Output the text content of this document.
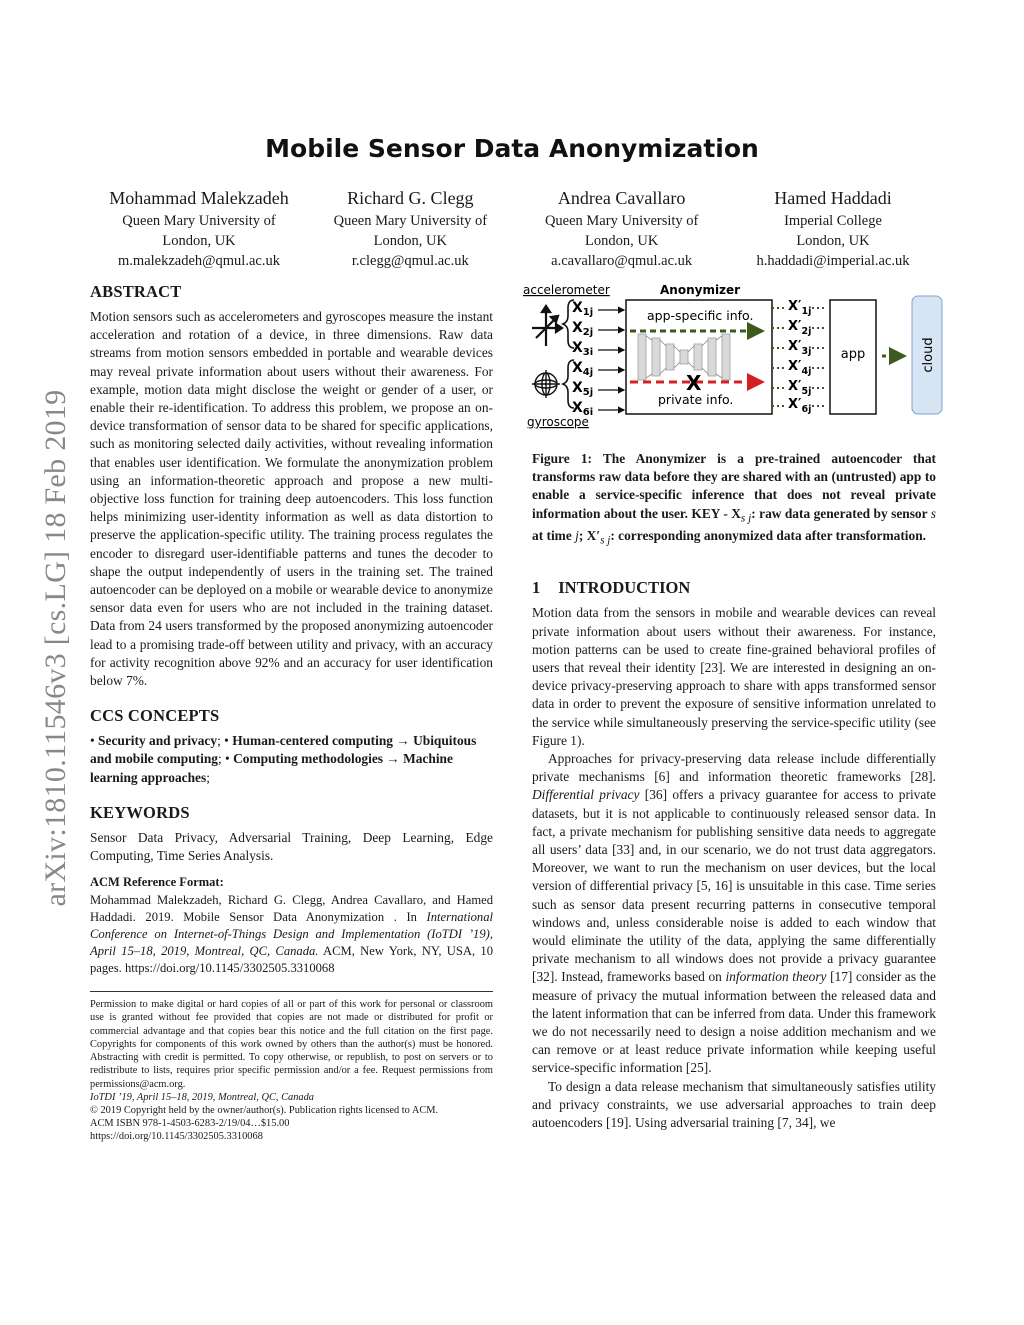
arXiv:1810.11546v3 [cs.LG] 18 Feb 2019
Mobile Sensor Data Anonymization
Mohammad Malekzadeh
Queen Mary University of
London, UK
m.malekzadeh@qmul.ac.uk
Richard G. Clegg
Queen Mary University of
London, UK
r.clegg@qmul.ac.uk
Andrea Cavallaro
Queen Mary University of
London, UK
a.cavallaro@qmul.ac.uk
Hamed Haddadi
Imperial College
London, UK
h.haddadi@imperial.ac.uk
ABSTRACT

Motion sensors such as accelerometers and gyroscopes measure the instant acceleration and rotation of a device, in three dimensions. Raw data streams from motion sensors embedded in portable and wearable devices may reveal private information about users without their awareness. For example, motion data might disclose the weight or gender of a user, or enable their re-identification. To address this problem, we propose an on-device transformation of sensor data to be shared for specific applications, such as monitoring selected daily activities, without revealing information that enables user identification. We formulate the anonymization problem using an information-theoretic approach and propose a new multi-objective loss function for training deep autoencoders. This loss function helps minimizing user-identity information as well as data distortion to preserve the application-specific utility. The training process regulates the encoder to disregard user-identifiable patterns and tunes the decoder to shape the output independently of users in the training set. The trained autoencoder can be deployed on a mobile or wearable device to anonymize sensor data even for users who are not included in the training dataset. Data from 24 users transformed by the proposed anonymizing autoencoder lead to a promising trade-off between utility and privacy, with an accuracy for activity recognition above 92% and an accuracy for user identification below 7%.

CCS CONCEPTS

• Security and privacy; • Human-centered computing → Ubiquitous and mobile computing; • Computing methodologies → Machine learning approaches;

KEYWORDS

Sensor Data Privacy, Adversarial Training, Deep Learning, Edge Computing, Time Series Analysis.

ACM Reference Format:

Mohammad Malekzadeh, Richard G. Clegg, Andrea Cavallaro, and Hamed Haddadi. 2019. Mobile Sensor Data Anonymization . In International Conference on Internet-of-Things Design and Implementation (IoTDI ’19), April 15–18, 2019, Montreal, QC, Canada. ACM, New York, NY, USA, 10 pages. https://doi.org/10.1145/3302505.3310068

Permission to make digital or hard copies of all or part of this work for personal or classroom use is granted without fee provided that copies are not made or distributed for profit or commercial advantage and that copies bear this notice and the full citation on the first page. Copyrights for components of this work owned by others than the author(s) must be honored. Abstracting with credit is permitted. To copy otherwise, or republish, to post on servers or to redistribute to lists, requires prior specific permission and/or a fee. Request permissions from permissions@acm.org.

IoTDI ’19, April 15–18, 2019, Montreal, QC, Canada

© 2019 Copyright held by the owner/author(s). Publication rights licensed to ACM.

ACM ISBN 978-1-4503-6283-2/19/04…$15.00

https://doi.org/10.1145/3302505.3310068

accelerometer
gyroscope
Anonymizer
$X_{1j}$
$X_{2j}$
$X_{3i}$
$X_{4j}$
$X_{5j}$
$X_{6i}$
app-specific info.
X
private info.
$X'_{1j}$
$X'_{2j}$
$X'_{3j}$
$X'_{4j}$
$X'_{5j}$
$X'_{6j}$
app	cloud

Figure 1: The Anonymizer is a pre-trained autoencoder that transforms raw data before they are shared with an (untrusted) app to enable a service-specific inference that does not reveal private information about the user. KEY - $X_{s j}$: raw data generated by sensor s at time j; $X'_{s j}$: corresponding anonymized data after transformation.

1 INTRODUCTION

Motion data from the sensors in mobile and wearable devices can reveal private information about users without their awareness. For instance, motion patterns can be used to create fine-grained behavioral profiles of users that reveal their identity [23]. We are interested in designing an on-device privacy-preserving approach to share with apps transformed sensor data in order to prevent the exposure of sensitive information unrelated to the service while simultaneously preserving the service-specific utility (see Figure 1).

Approaches for privacy-preserving data release include differentially private mechanisms [6] and information theoretic frameworks [28]. Differential privacy [36] offers a privacy guarantee for access to private datasets, but it is not applicable to continuously released sensor data. In fact, a private mechanism for publishing sensitive data needs to aggregate all users’ data [33] and, in our scenario, we do not trust data aggregators. Moreover, we want to run the mechanism on user devices, but the local version of differential privacy [5, 16] is unsuitable in this case. Time series such as sensor data present recurring patterns in consecutive temporal windows and, unless considerable noise is added to each window that would eliminate the utility of the data, applying the same differentially private mechanism to all windows does not provide a privacy guarantee [32]. Instead, frameworks based on information theory [17] consider as the measure of privacy the mutual information between the released data and the latent information that can be inferred from data. Under this framework we do not necessarily need to design a noise addition mechanism and we can remove or at least reduce private information while keeping useful service-specific information [25].

To design a data release mechanism that simultaneously satisfies utility and privacy constraints, we use adversarial approaches to train deep autoencoders [19]. Using adversarial training [7, 34], we
